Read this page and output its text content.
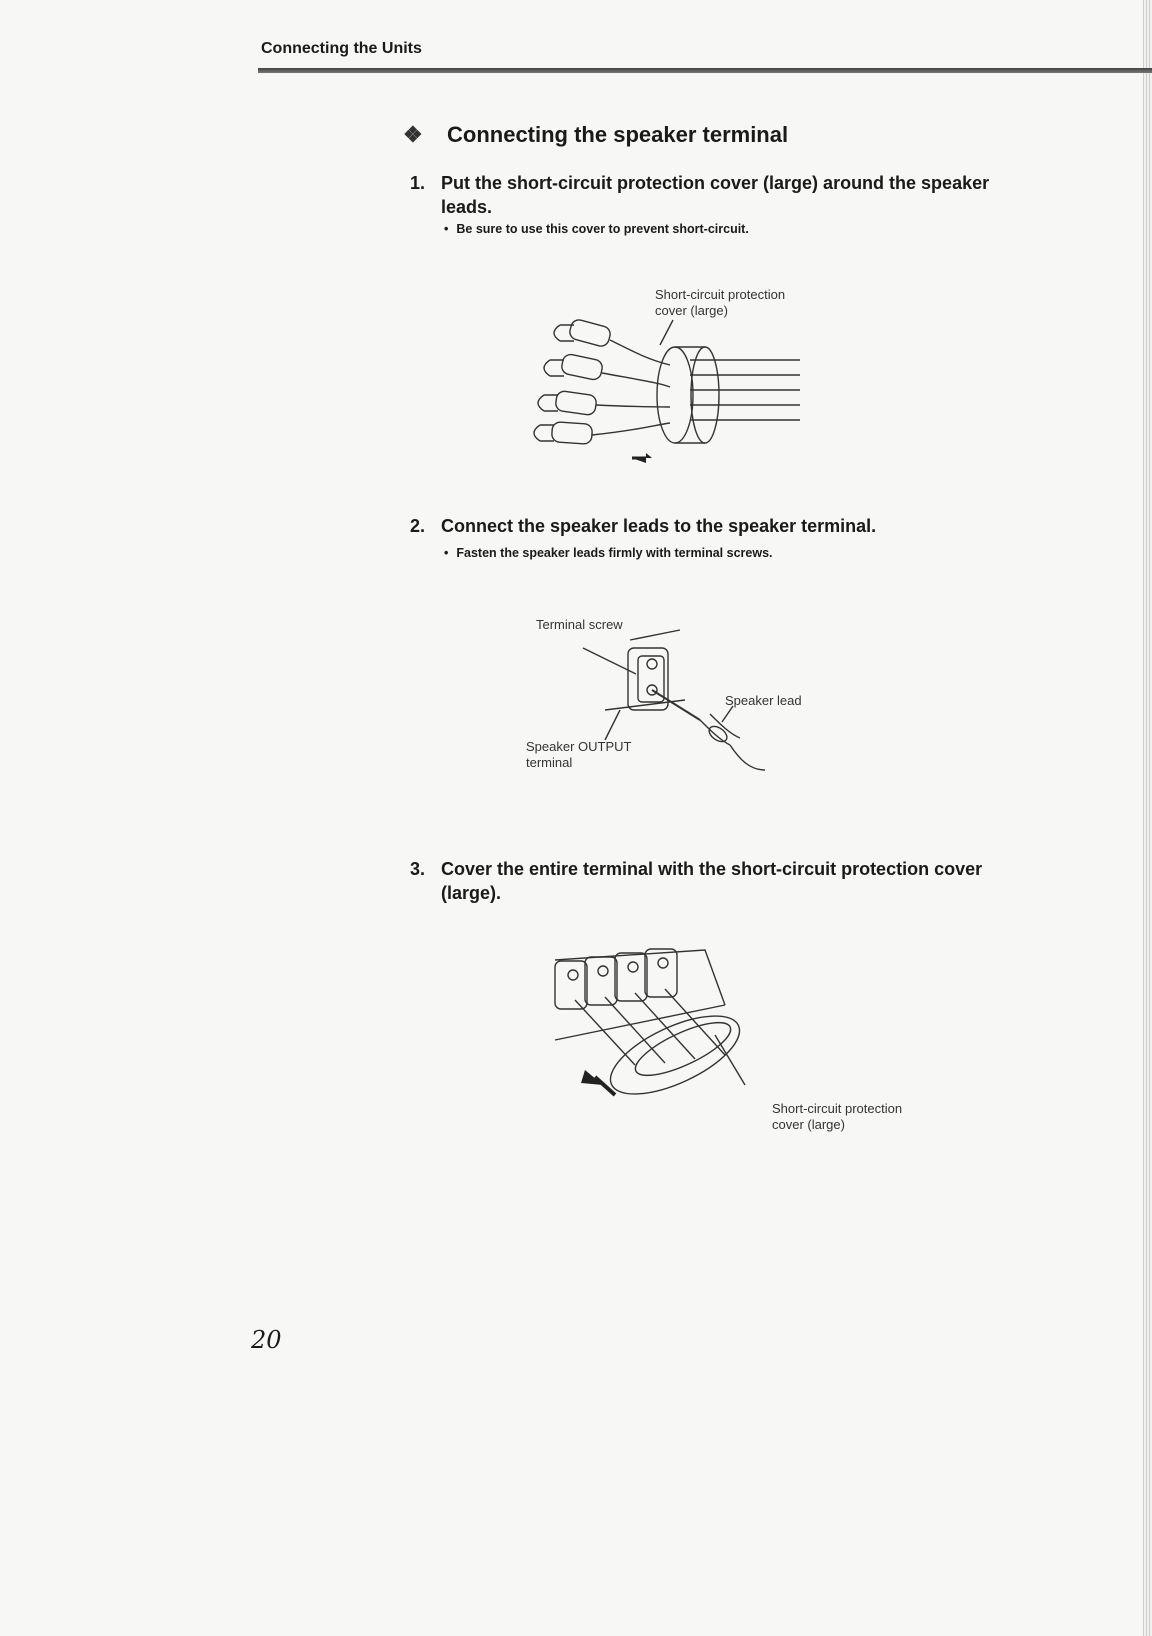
Connecting the Units
❖ Connecting the speaker terminal
1. Put the short-circuit protection cover (large) around the speaker
leads.
• Be sure to use this cover to prevent short-circuit.
Short-circuit protection
cover (large)
2. Connect the speaker leads to the speaker terminal.
• Fasten the speaker leads firmly with terminal screws.
Terminal screw
Speaker lead
Speaker OUTPUT
terminal
3. Cover the entire terminal with the short-circuit protection cover
(large).
Short-circuit protection
cover (large)
20
